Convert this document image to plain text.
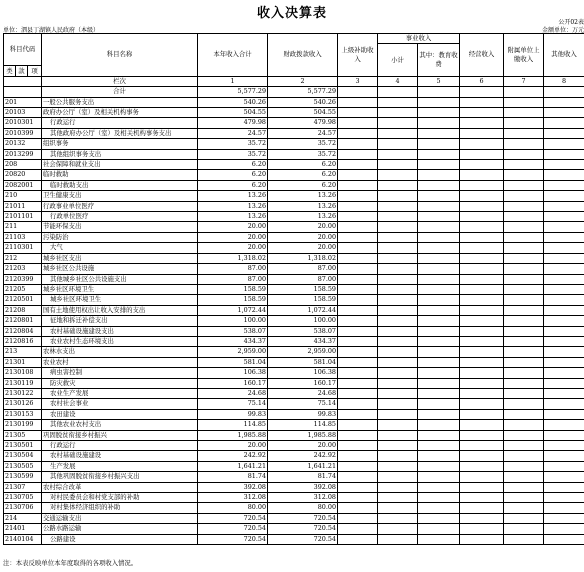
收入决算表
单位：泗县丁湖镇人民政府（本级）
公开02表
金额单位：万元
科目代码			科目名称	本年收入合计	财政拨款收入	上级补助收入	事业收入		经营收入	附属单位上缴收入	其他收入
							小计	其中：教育收费			
类	款	项									
			栏次	1	2	3	4	5	6	7	8
			合计	5,577.29	5,577.29						
201			一般公共服务支出	540.26	540.26						
20103			政府办公厅（室）及相关机构事务	504.55	504.55						
2010301			行政运行	479.98	479.98						
2010399			其他政府办公厅（室）及相关机构事务支出	24.57	24.57						
20132			组织事务	35.72	35.72						
2013299			其他组织事务支出	35.72	35.72						
208			社会保障和就业支出	6.20	6.20						
20820			临时救助	6.20	6.20						
2082001			临时救助支出	6.20	6.20						
210			卫生健康支出	13.26	13.26						
21011			行政事业单位医疗	13.26	13.26						
2101101			行政单位医疗	13.26	13.26						
211			节能环保支出	20.00	20.00						
21103			污染防治	20.00	20.00						
2110301			大气	20.00	20.00						
212			城乡社区支出	1,318.02	1,318.02						
21203			城乡社区公共设施	87.00	87.00						
2120399			其他城乡社区公共设施支出	87.00	87.00						
21205			城乡社区环境卫生	158.59	158.59						
2120501			城乡社区环境卫生	158.59	158.59						
21208			国有土地使用权出让收入安排的支出	1,072.44	1,072.44						
2120801			征地和拆迁补偿支出	100.00	100.00						
2120804			农村基础设施建设支出	538.07	538.07						
2120816			农业农村生态环境支出	434.37	434.37						
213			农林水支出	2,959.00	2,959.00						
21301			农业农村	581.04	581.04						
2130108			病虫害控制	106.38	106.38						
2130119			防灾救灾	160.17	160.17						
2130122			农业生产发展	24.68	24.68						
2130126			农村社会事业	75.14	75.14						
2130153			农田建设	99.83	99.83						
2130199			其他农业农村支出	114.85	114.85						
21305			巩固脱贫衔接乡村振兴	1,985.88	1,985.88						
2130501			行政运行	20.00	20.00						
2130504			农村基础设施建设	242.92	242.92						
2130505			生产发展	1,641.21	1,641.21						
2130599			其他巩固脱贫衔接乡村振兴支出	81.74	81.74						
21307			农村综合改革	392.08	392.08						
2130705			对村民委员会和村党支部的补助	312.08	312.08						
2130706			对村集体经济组织的补助	80.00	80.00						
214			交通运输支出	720.54	720.54						
21401			公路水路运输	720.54	720.54						
2140104			公路建设	720.54	720.54						
注：本表反映单位本年度取得的各项收入情况。
